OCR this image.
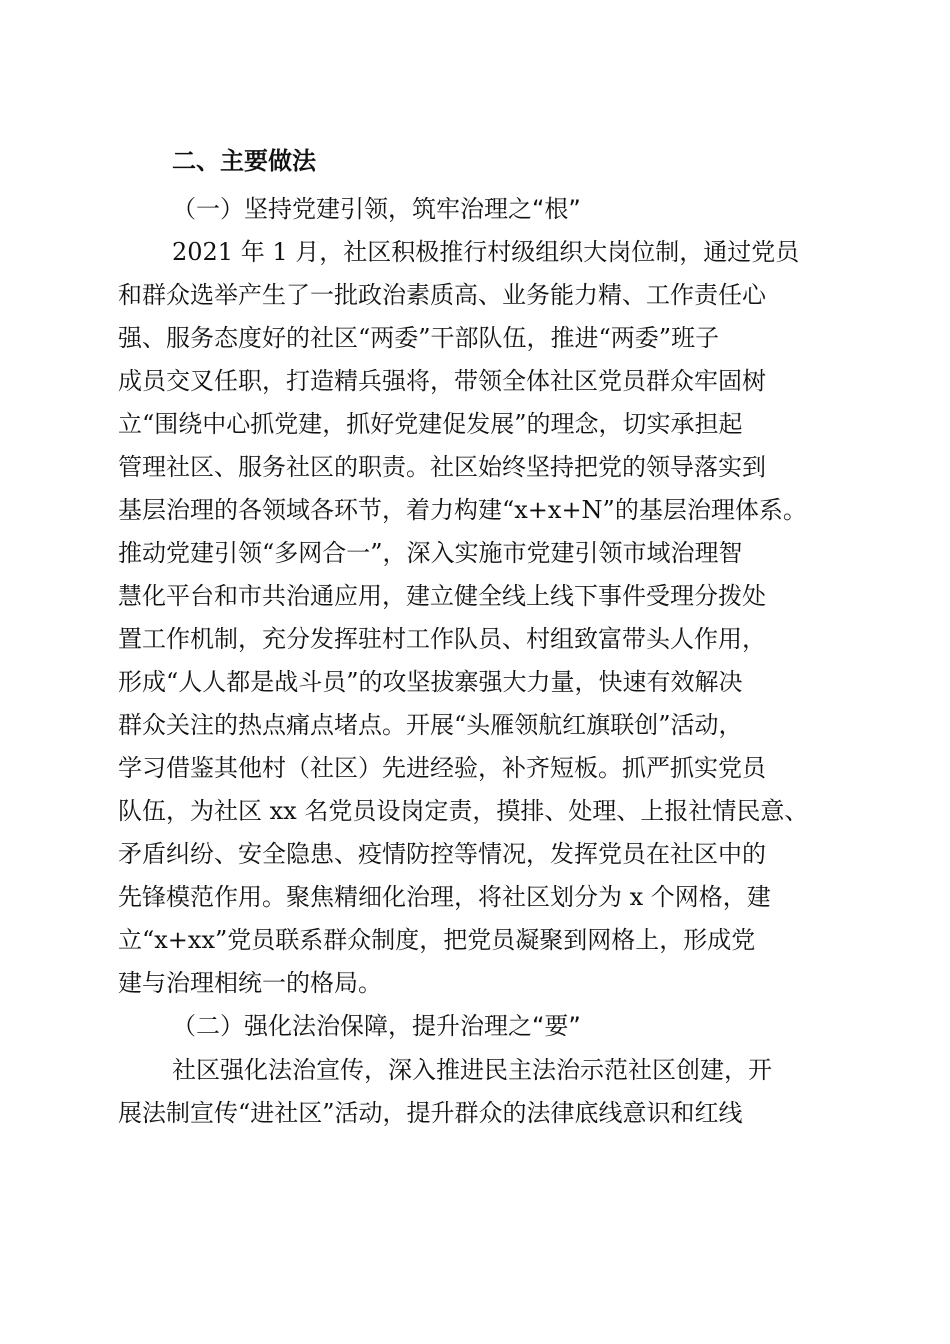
二、主要做法
（一）坚持党建引领，筑牢治理之“根”
2021 年 1 月，社区积极推行村级组织大岗位制，通过党员
和群众选举产生了一批政治素质高、业务能力精、工作责任心
强、服务态度好的社区“两委”干部队伍，推进“两委”班子
成员交叉任职，打造精兵强将，带领全体社区党员群众牢固树
立“围绕中心抓党建，抓好党建促发展”的理念，切实承担起
管理社区、服务社区的职责。社区始终坚持把党的领导落实到
基层治理的各领域各环节，着力构建“x+x+N”的基层治理体系。
推动党建引领“多网合一”，深入实施市党建引领市域治理智
慧化平台和市共治通应用，建立健全线上线下事件受理分拨处
置工作机制，充分发挥驻村工作队员、村组致富带头人作用，
形成“人人都是战斗员”的攻坚拔寨强大力量，快速有效解决
群众关注的热点痛点堵点。开展“头雁领航红旗联创”活动，
学习借鉴其他村（社区）先进经验，补齐短板。抓严抓实党员
队伍，为社区 xx 名党员设岗定责，摸排、处理、上报社情民意、
矛盾纠纷、安全隐患、疫情防控等情况，发挥党员在社区中的
先锋模范作用。聚焦精细化治理，将社区划分为 x 个网格，建
立“x+xx”党员联系群众制度，把党员凝聚到网格上，形成党
建与治理相统一的格局。
（二）强化法治保障，提升治理之“要”
社区强化法治宣传，深入推进民主法治示范社区创建，开
展法制宣传“进社区”活动，提升群众的法律底线意识和红线
